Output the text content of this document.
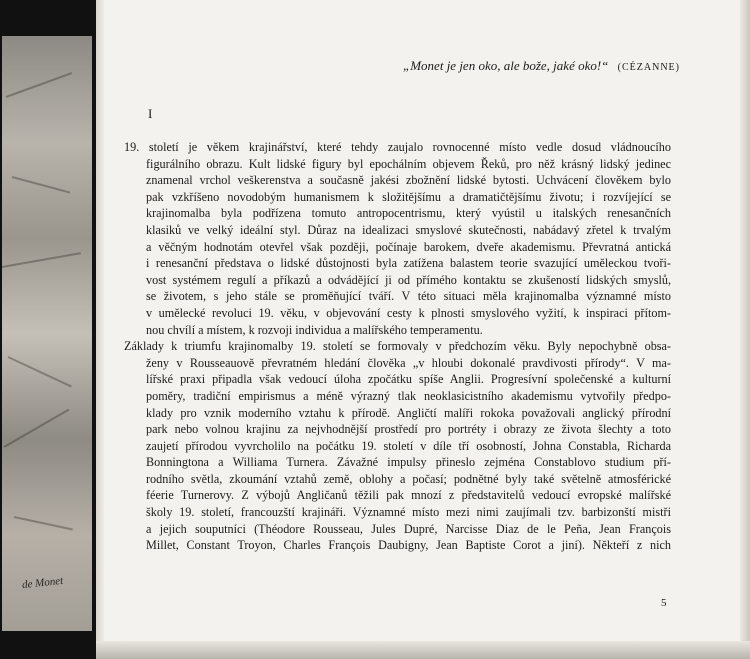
de Monet
„Monet je jen oko, ale bože, jaké oko!“ (CÉZANNE)
I
19. století je věkem krajinářství, které tehdy zaujalo rovnocenné místo vedle dosud vládnoucího
figurálního obrazu. Kult lidské figury byl epochálním objevem Řeků, pro něž krásný lidský jedinec
znamenal vrchol veškerenstva a současně jakési zbožnění lidské bytosti. Uchvácení člověkem bylo
pak vzkříšeno novodobým humanismem k složitějšímu a dramatičtějšímu životu; i rozvíjející se
krajinomalba byla podřízena tomuto antropocentrismu, který vyústil u italských renesančních
klasiků ve velký ideální styl. Důraz na idealizaci smyslové skutečnosti, nabádavý zřetel k trvalým
a věčným hodnotám otevřel však později, počínaje barokem, dveře akademismu. Převratná antická
i renesanční představa o lidské důstojnosti byla zatížena balastem teorie svazující uměleckou tvoři-
vost systémem regulí a příkazů a odvádějící ji od přímého kontaktu se zkušeností lidských smyslů,
se životem, s jeho stále se proměňující tváří. V této situaci měla krajinomalba významné místo
v umělecké revoluci 19. věku, v objevování cesty k plnosti smyslového vyžití, k inspiraci přítom-
nou chvílí a místem, k rozvoji individua a malířského temperamentu.
Základy k triumfu krajinomalby 19. století se formovaly v předchozím věku. Byly nepochybně obsa-
ženy v Rousseauově převratném hledání člověka „v hloubi dokonalé pravdivosti přírody“. V ma-
lířské praxi připadla však vedoucí úloha zpočátku spíše Anglii. Progresívní společenské a kulturní
poměry, tradiční empirismus a méně výrazný tlak neoklasicistního akademismu vytvořily předpo-
klady pro vznik moderního vztahu k přírodě. Angličtí malíři rokoka považovali anglický přírodní
park nebo volnou krajinu za nejvhodnější prostředí pro portréty i obrazy ze života šlechty a toto
zaujetí přírodou vyvrcholilo na počátku 19. století v díle tří osobností, Johna Constabla, Richarda
Bonningtona a Williama Turnera. Závažné impulsy přineslo zejména Constablovo studium pří-
rodního světla, zkoumání vztahů země, oblohy a počasí; podnětné byly také světelně atmosférické
féerie Turnerovy. Z výbojů Angličanů těžili pak mnozí z představitelů vedoucí evropské malířské
školy 19. století, francouzští krajináři. Významné místo mezi nimi zaujímali tzv. barbizonští mistři
a jejich souputníci (Théodore Rousseau, Jules Dupré, Narcisse Diaz de le Peña, Jean François
Millet, Constant Troyon, Charles François Daubigny, Jean Baptiste Corot a jiní). Někteří z nich
5
